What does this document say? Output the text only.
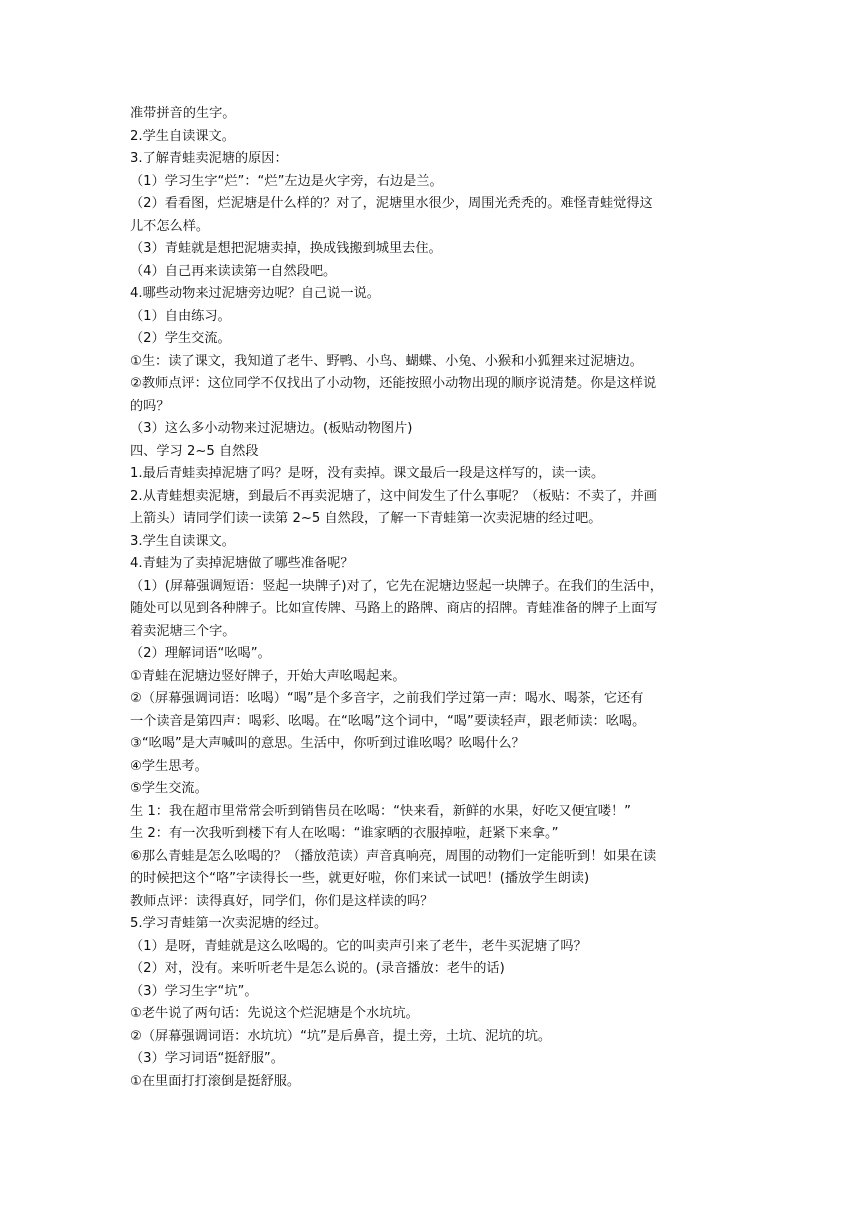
准带拼音的生字。
2.学生自读课文。
3.了解青蛙卖泥塘的原因：
（1）学习生字“烂”：“烂”左边是火字旁，右边是兰。
（2）看看图，烂泥塘是什么样的？对了，泥塘里水很少，周围光秃秃的。难怪青蛙觉得这
儿不怎么样。
（3）青蛙就是想把泥塘卖掉，换成钱搬到城里去住。
（4）自己再来读读第一自然段吧。
4.哪些动物来过泥塘旁边呢？自己说一说。
（1）自由练习。
（2）学生交流。
①生：读了课文，我知道了老牛、野鸭、小鸟、蝴蝶、小兔、小猴和小狐狸来过泥塘边。
②教师点评：这位同学不仅找出了小动物，还能按照小动物出现的顺序说清楚。你是这样说
的吗？
（3）这么多小动物来过泥塘边。(板贴动物图片)
四、学习 2~5 自然段
1.最后青蛙卖掉泥塘了吗？是呀，没有卖掉。课文最后一段是这样写的，读一读。
2.从青蛙想卖泥塘，到最后不再卖泥塘了，这中间发生了什么事呢？（板贴：不卖了，并画
上箭头）请同学们读一读第 2~5 自然段，了解一下青蛙第一次卖泥塘的经过吧。
3.学生自读课文。
4.青蛙为了卖掉泥塘做了哪些准备呢？
（1）(屏幕强调短语：竖起一块牌子)对了，它先在泥塘边竖起一块牌子。在我们的生活中，
随处可以见到各种牌子。比如宣传牌、马路上的路牌、商店的招牌。青蛙准备的牌子上面写
着卖泥塘三个字。
（2）理解词语“吆喝”。
①青蛙在泥塘边竖好牌子，开始大声吆喝起来。
②（屏幕强调词语：吆喝）“喝”是个多音字，之前我们学过第一声：喝水、喝茶，它还有
一个读音是第四声：喝彩、吆喝。在“吆喝”这个词中，“喝”要读轻声，跟老师读：吆喝。
③“吆喝”是大声喊叫的意思。生活中，你听到过谁吆喝？吆喝什么？
④学生思考。
⑤学生交流。
生 1：我在超市里常常会听到销售员在吆喝：“快来看，新鲜的水果，好吃又便宜喽！”
生 2：有一次我听到楼下有人在吆喝：“谁家晒的衣服掉啦，赶紧下来拿。”
⑥那么青蛙是怎么吆喝的？（播放范读）声音真响亮，周围的动物们一定能听到！如果在读
的时候把这个“咯”字读得长一些，就更好啦，你们来试一试吧！(播放学生朗读)
教师点评：读得真好，同学们，你们是这样读的吗？
5.学习青蛙第一次卖泥塘的经过。
（1）是呀，青蛙就是这么吆喝的。它的叫卖声引来了老牛，老牛买泥塘了吗？
（2）对，没有。来听听老牛是怎么说的。(录音播放：老牛的话)
（3）学习生字“坑”。
①老牛说了两句话：先说这个烂泥塘是个水坑坑。
②（屏幕强调词语：水坑坑）“坑”是后鼻音，提土旁，土坑、泥坑的坑。
（3）学习词语“挺舒服”。
①在里面打打滚倒是挺舒服。
